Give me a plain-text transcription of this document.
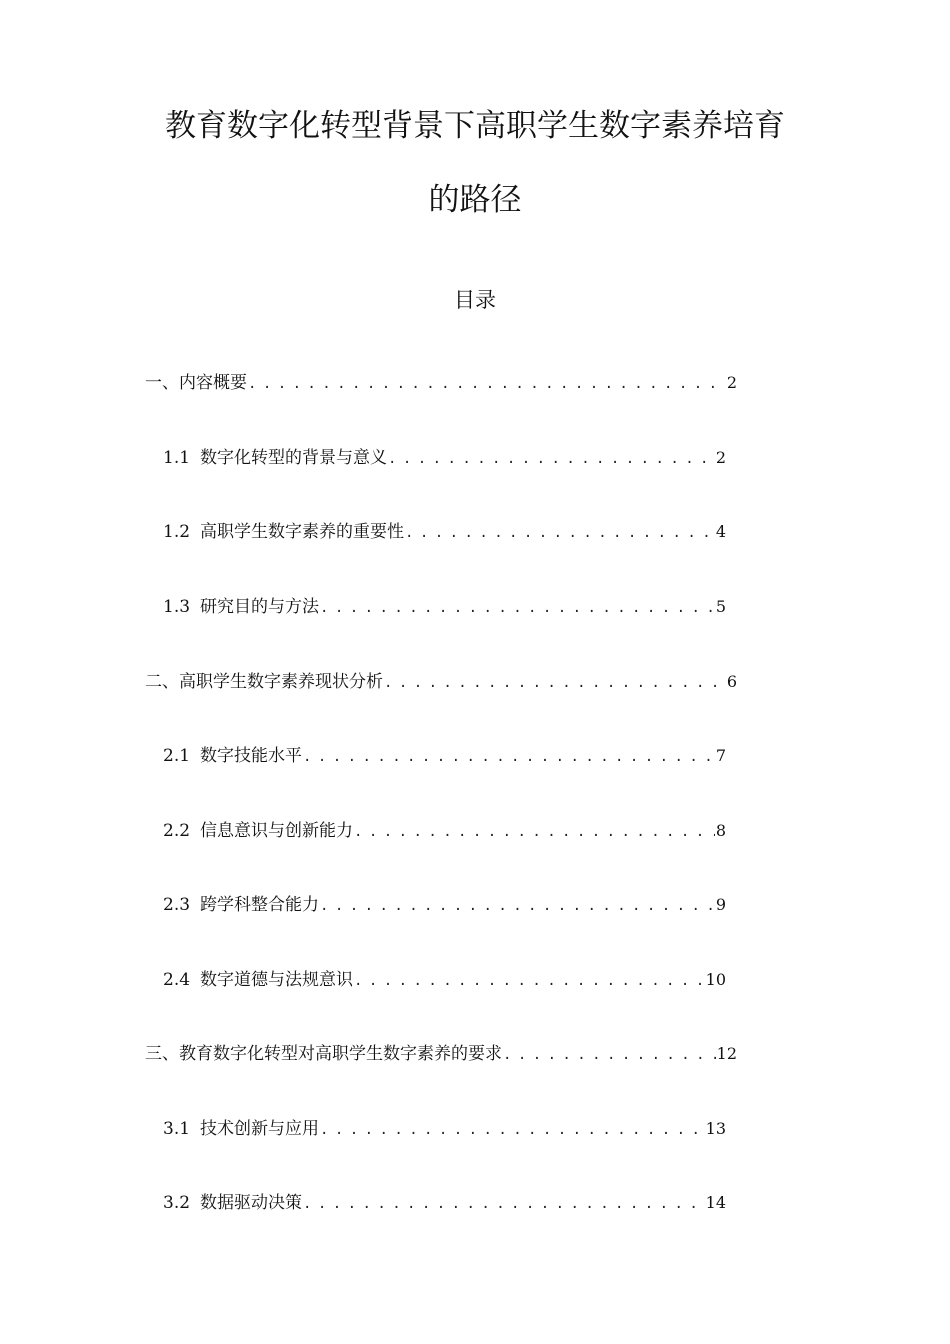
教育数字化转型背景下高职学生数字素养培育
的路径
目录
一、内容概要 . . .	2
1.1 数字化转型的背景与意义 . . .	2
1.2 高职学生数字素养的重要性 . . .	4
1.3 研究目的与方法 . . .	5
二、高职学生数字素养现状分析 . . .	6
2.1 数字技能水平 . . .	7
2.2 信息意识与创新能力 . . .	8
2.3 跨学科整合能力 . . .	9
2.4 数字道德与法规意识 . . .	10
三、教育数字化转型对高职学生数字素养的要求 . . .	12
3.1 技术创新与应用 . . .	13
3.2 数据驱动决策 . . .	14
